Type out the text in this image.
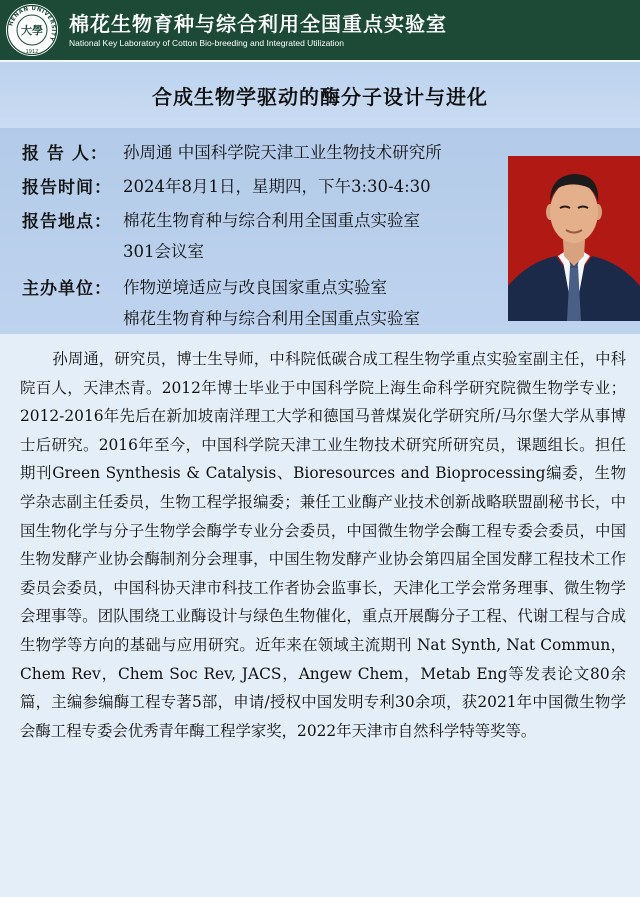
HENAN UNIVERSITY
大學
1912
棉花生物育种与综合利用全国重点实验室
National Key Laboratory of Cotton Bio-breeding and Integrated Utilization
合成生物学驱动的酶分子设计与进化
报 告 人： 孙周通 中国科学院天津工业生物技术研究所
报告时间： 2024年8月1日，星期四，下午3:30-4:30
报告地点： 棉花生物育种与综合利用全国重点实验室
301会议室
主办单位： 作物逆境适应与改良国家重点实验室
棉花生物育种与综合利用全国重点实验室

孙周通，研究员，博士生导师，中科院低碳合成工程生物学重点实验室副主任，中科院百人，天津杰青。2012年博士毕业于中国科学院上海生命科学研究院微生物学专业；2012-2016年先后在新加坡南洋理工大学和德国马普煤炭化学研究所/马尔堡大学从事博士后研究。2016年至今，中国科学院天津工业生物技术研究所研究员，课题组长。担任期刊Green Synthesis & Catalysis、Bioresources and Bioprocessing编委，生物学杂志副主任委员，生物工程学报编委；兼任工业酶产业技术创新战略联盟副秘书长，中国生物化学与分子生物学会酶学专业分会委员，中国微生物学会酶工程专委会委员，中国生物发酵产业协会酶制剂分会理事，中国生物发酵产业协会第四届全国发酵工程技术工作委员会委员，中国科协天津市科技工作者协会监事长，天津化工学会常务理事、微生物学会理事等。团队围绕工业酶设计与绿色生物催化，重点开展酶分子工程、代谢工程与合成生物学等方向的基础与应用研究。近年来在领域主流期刊 Nat Synth, Nat Commun，Chem Rev，Chem Soc Rev, JACS，Angew Chem，Metab Eng等发表论文80余篇，主编参编酶工程专著5部，申请/授权中国发明专利30余项，获2021年中国微生物学会酶工程专委会优秀青年酶工程学家奖，2022年天津市自然科学特等奖等。
